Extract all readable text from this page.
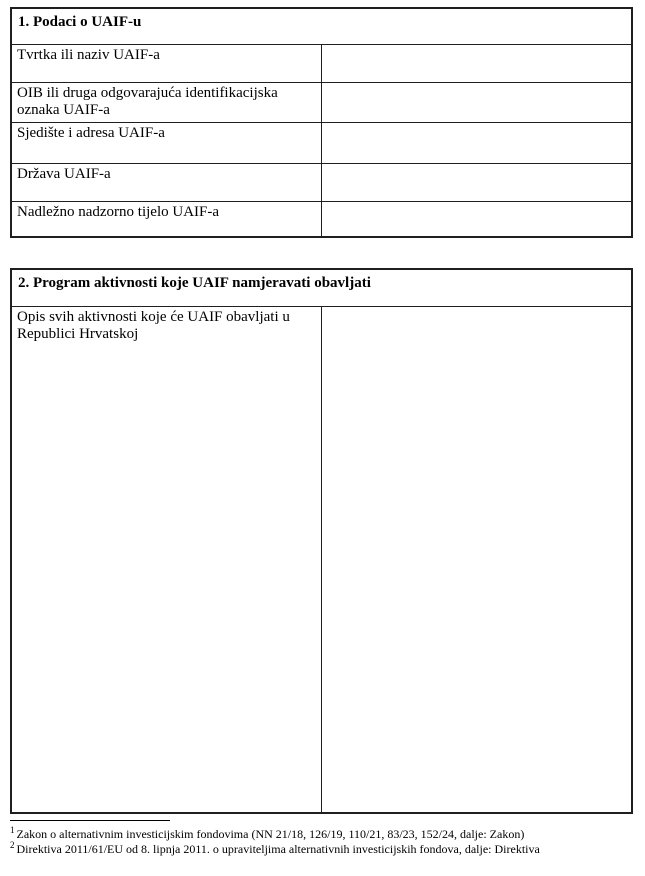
1. Podaci o UAIF-u	
Tvrtka ili naziv UAIF-a	
OIB ili druga odgovarajuća identifikacijska oznaka UAIF-a	
Sjedište i adresa UAIF-a	
Država UAIF-a	
Nadležno nadzorno tijelo UAIF-a	
2. Program aktivnosti koje UAIF namjeravati obavljati
Opis svih aktivnosti koje će UAIF obavljati u Republici Hrvatskoj	
$^1$ Zakon o alternativnim investicijskim fondovima (NN 21/18, 126/19, 110/21, 83/23, 152/24, dalje: Zakon)
$^2$ Direktiva 2011/61/EU od 8. lipnja 2011. o upraviteljima alternativnih investicijskih fondova, dalje: Direktiva
